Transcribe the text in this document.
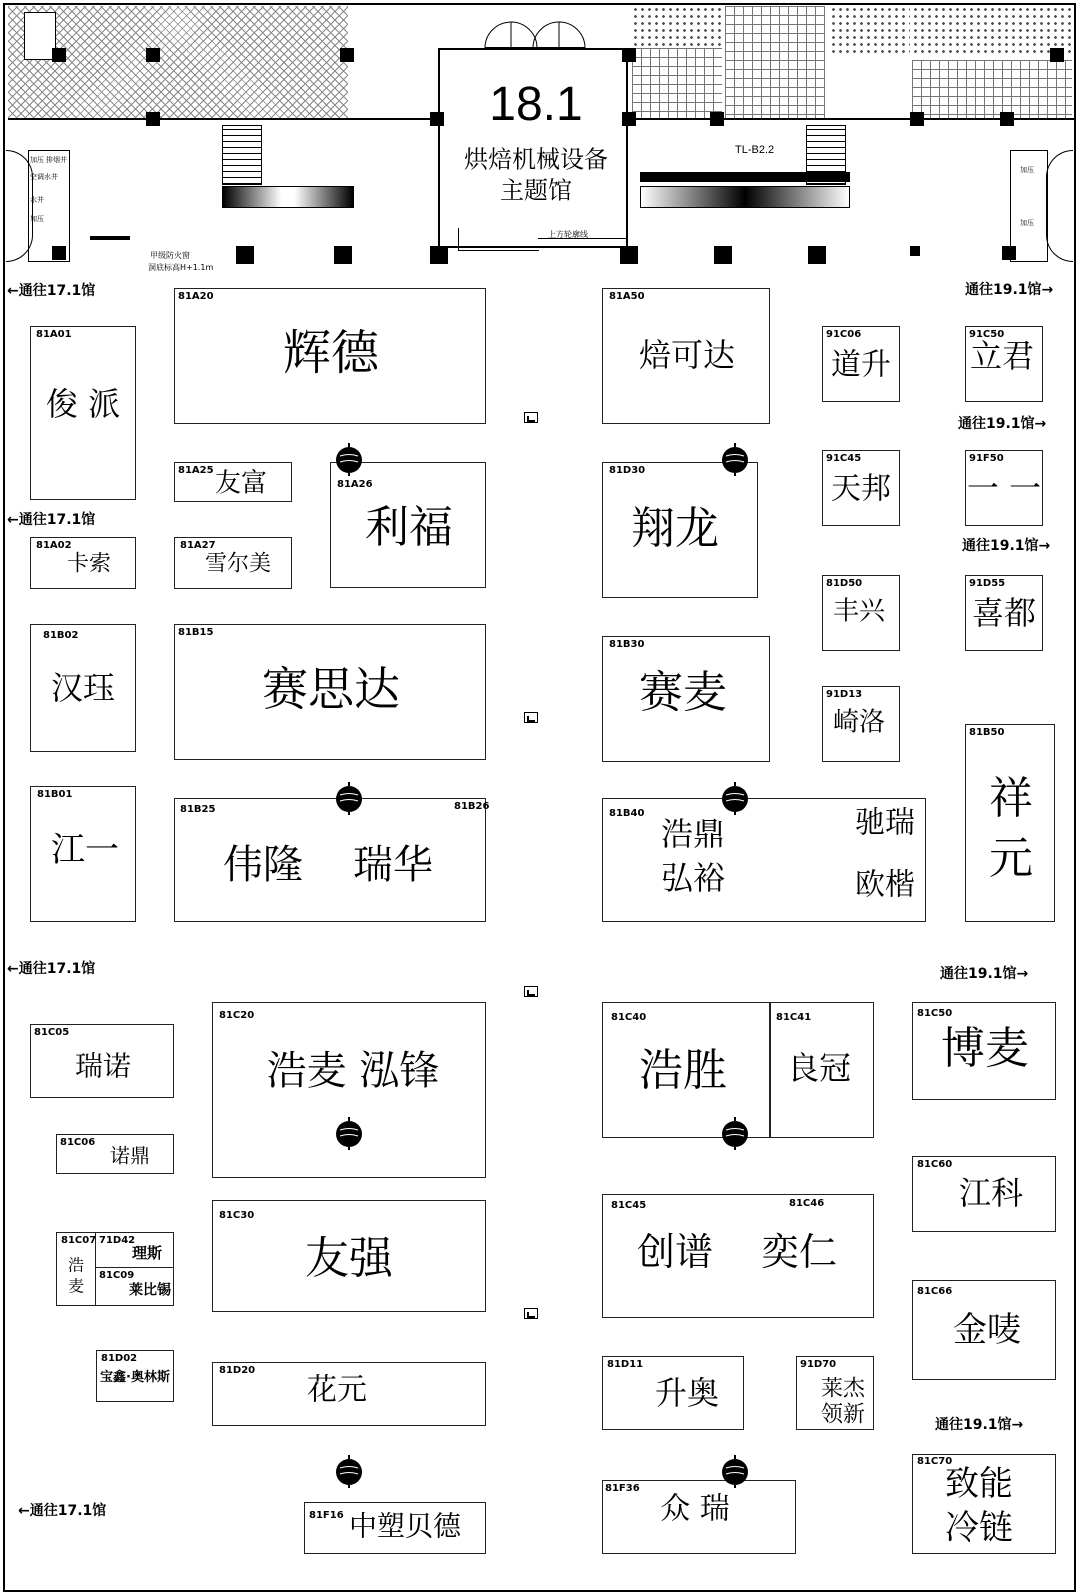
18.1
烘焙机械设备
主题馆
TL-B2.2
上方轮廓线
加压 排烟井
空调水井
水井
加压
甲级防火窗
洞底标高H+1.1m
加压
加压
←通往17.1馆
←通往17.1馆
←通往17.1馆
←通往17.1馆
通往19.1馆→
通往19.1馆→
通往19.1馆→
通往19.1馆→
通往19.1馆→
81A01
俊 派
81A20
辉德
81A25 友富	81A26
利福
81A02
卡索
81A27
雪尔美
81B02
汉珏
81B15
赛思达
81B01
江一
81B25	81B26
伟隆 瑞华
81A50
焙可达
81D30
翔龙
81B30
赛麦
81B40
浩鼎
弘裕
驰瑞
欧楷
91C06
道升
91C45
天邦
81D50
丰兴
91D13
崎洛
91C50
立君
91F50
一 一
91D55
喜都
81B50
祥
元
81C05
瑞诺
81C06
诺鼎
81C07
浩
麦
71D42
理斯
81C09
莱比锡
81D02
宝鑫·奥林斯
81C20
浩麦 泓锋
81C30
友强
81D20
花元
81F16 中塑贝德
81C40
浩胜
81C41
良冠
81C45	81C46
创谱 奕仁
81D11
升奥
91D70
莱杰
领新
81F36
众 瑞
81C50
博麦
81C60
江科
81C66
金唛
81C70
致能
冷链
